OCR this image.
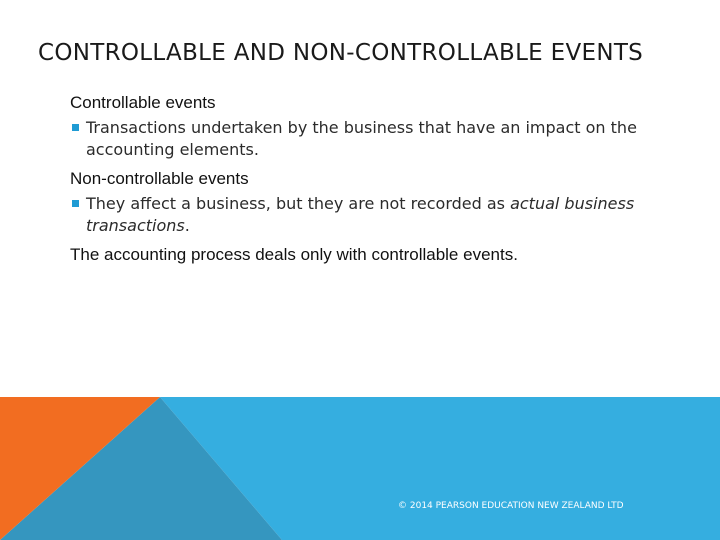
CONTROLLABLE AND NON-CONTROLLABLE EVENTS
Controllable events
Transactions undertaken by the business that have an impact on the accounting elements.
Non-controllable events
They affect a business, but they are not recorded as actual business transactions.
The accounting process deals only with controllable events.
© 2014 PEARSON EDUCATION NEW ZEALAND LTD
